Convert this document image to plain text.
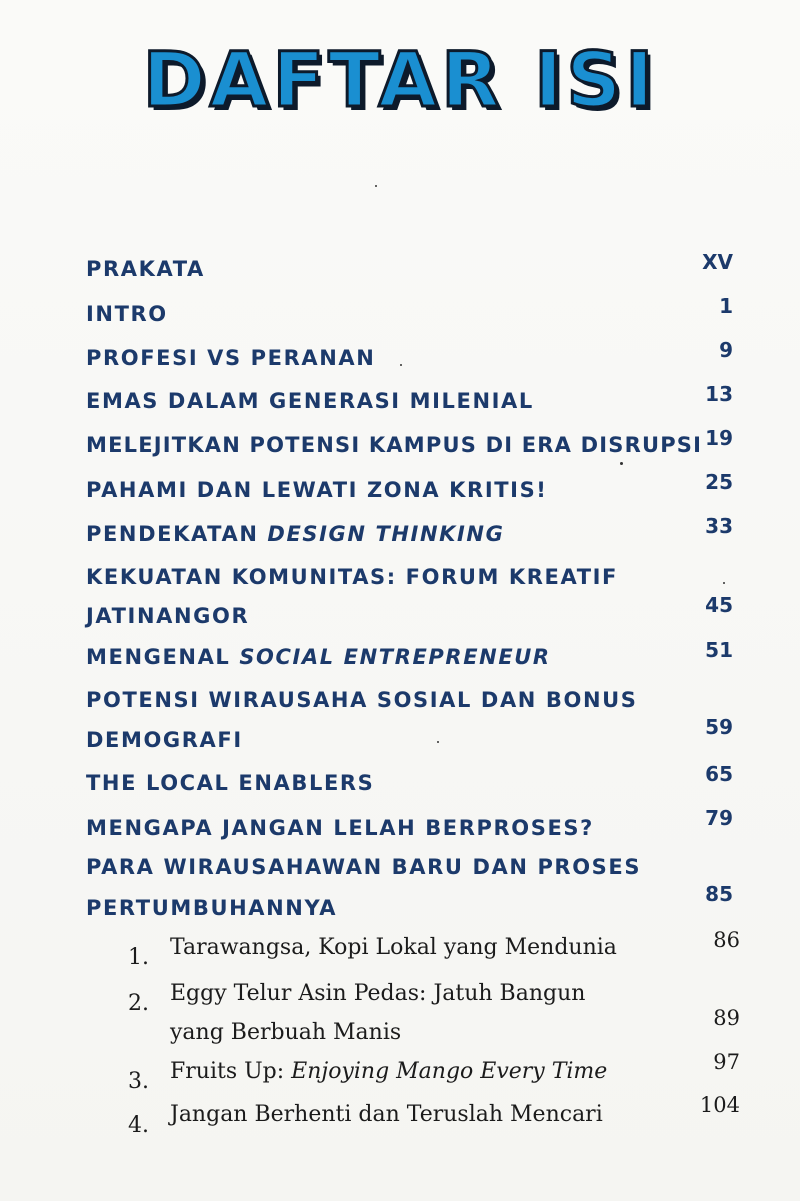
DAFTAR ISI
PRAKATA	XV
INTRO	1
PROFESI VS PERANAN	9
EMAS DALAM GENERASI MILENIAL	13
MELEJITKAN POTENSI KAMPUS DI ERA DISRUPSI 19
PAHAMI DAN LEWATI ZONA KRITIS!	25
PENDEKATAN DESIGN THINKING	33
KEKUATAN KOMUNITAS: FORUM KREATIF
JATINANGOR	45
MENGENAL SOCIAL ENTREPRENEUR	51
POTENSI WIRAUSAHA SOSIAL DAN BONUS
DEMOGRAFI
59
THE LOCAL ENABLERS	65
MENGAPA JANGAN LELAH BERPROSES?	79
PARA WIRAUSAHAWAN BARU DAN PROSES
PERTUMBUHANNYA
85
1. Tarawangsa, Kopi Lokal yang Mendunia	86
2. Eggy Telur Asin Pedas: Jatuh Bangun
yang Berbuah Manis
89
3. Fruits Up: Enjoying Mango Every Time	97
4. Jangan Berhenti dan Teruslah Mencari	104
